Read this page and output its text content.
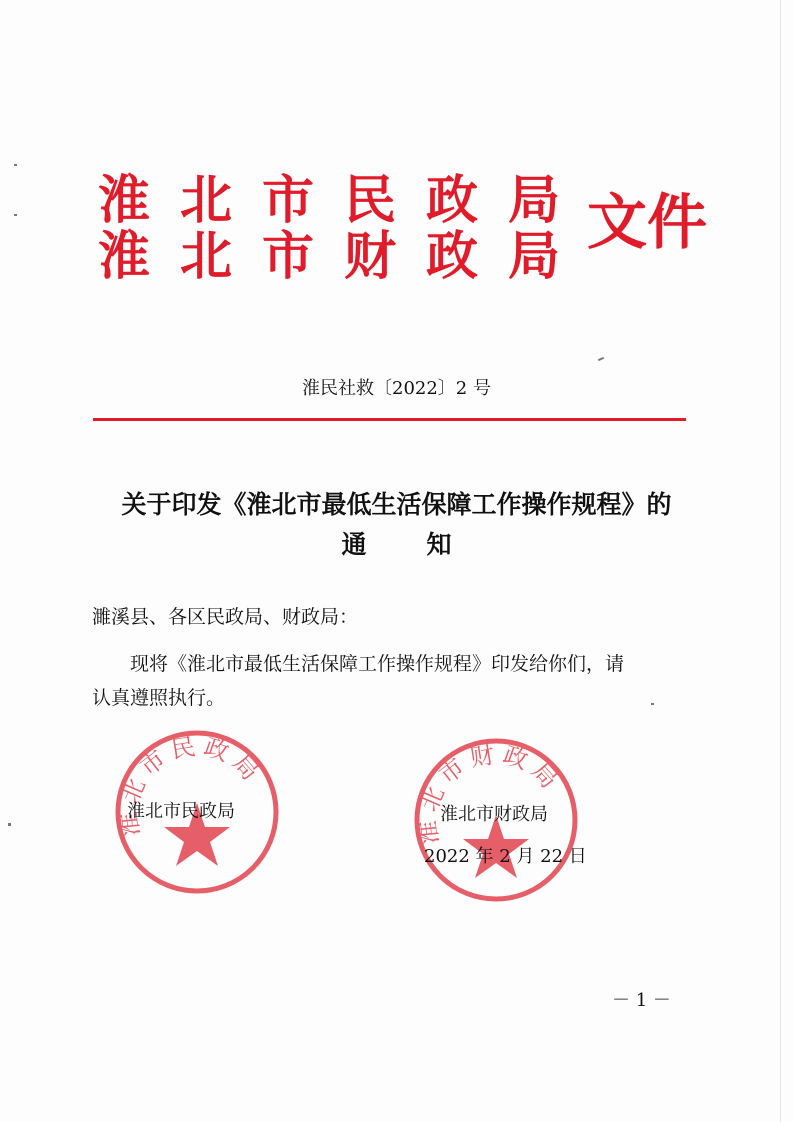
淮北市民政局
淮北市财政局
文件
淮民社救〔2022〕2 号
关于印发《淮北市最低生活保障工作操作规程》的
通知
濉溪县、各区民政局、财政局：
现将《淮北市最低生活保障工作操作规程》印发给你们，请
认真遵照执行。
淮北市民政局
淮北市财政局
淮北市民政局	淮北市财政局
2022 年 2 月 22 日
－ 1 －
